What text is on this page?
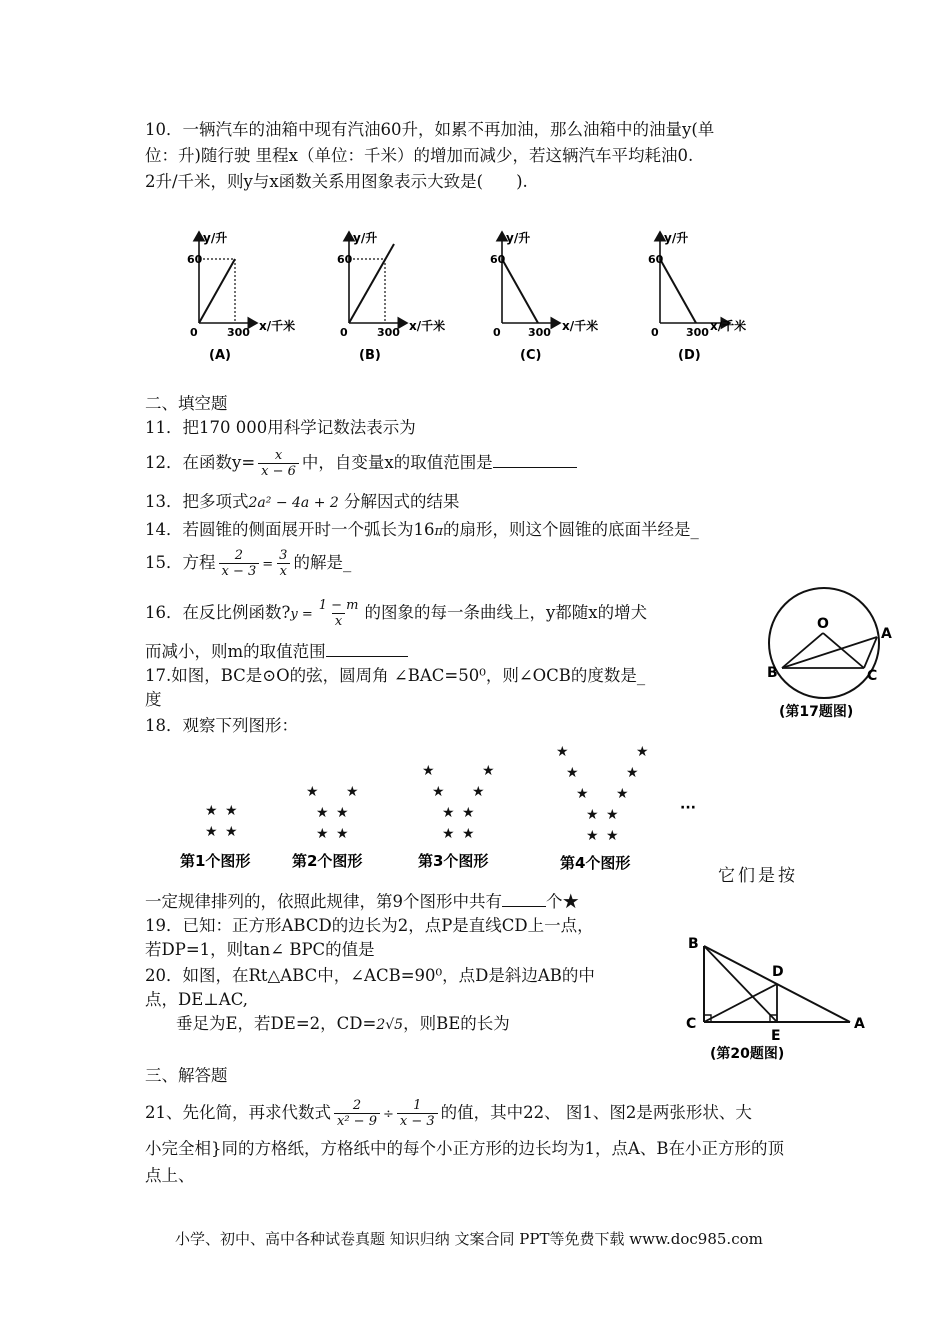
10．一辆汽车的油箱中现有汽油60升，如累不再加油，那么油箱中的油量y(单
位：升)随行驶 里程x（单位：千米）的增加而减少，若这辆汽车平均耗油0.
2升/千米，则y与x函数关系用图象表示大致是(　　).
y/升
60
0	300 x/千米
(A)
y/升
60
0	300 x/千米
(B)
y/升
60
0 300 x/千米
(C)
y/升
60
0 300 x/千米
(D)
二、填空题
11．把170 000用科学记数法表示为
12．在函数$y= \frac{x}{x - 6}$ 中，自变量x的取值范围是
13．把多项式2a² − 4a + 2 分解因式的结果
14．若圆锥的侧面展开时一个弧长为16π的扇形，则这个圆锥的底面半经是_
15．方程 $\frac{2}{x - 3} = \frac{3}{x}$ 的解是_
16．在反比例函数?y = $\frac{1 - m}{x}$ 的图象的每一条曲线上，y都随x的增犬
而减小，则m的取值范围
17.如图，BC是⊙O的弦，圆周角 ∠BAC=50⁰，则∠OCB的度数是_
度
O
A
B	C
(第17题图)
18．观察下列图形：
★ ★
★ ★
★ ★
★ ★
★ ★
★	★
★ ★
★ ★
★ ★
★	★
★	★
★ ★
★ ★
★ ★
···
第1个图形	第2个图形	第3个图形	第4个图形
它们是按
一定规律排列的，依照此规律，第9个图形中共有	个★
19．已知：正方形ABCD的边长为2，点P是直线CD上一点，
若DP=1，则tan∠ BPC的值是
20．如图，在Rt△ABC中，∠ACB=90⁰，点D是斜边AB的中
点，DE⊥AC,
垂足为E，若DE=2，CD=2√5，则BE的长为
B
D
C
E
A
(第20题图)
三、解答题
21、先化简，再求代数式 $\frac{2}{\text{x² − 9}} \div \frac{1}{x - 3}$ 的值，其中22、 图1、图2是两张形状、大
小完全相}同的方格纸，方格纸中的每个小正方形的边长均为1，点A、B在小正方形的顶
点上、
小学、初中、高中各种试卷真题 知识归纳 文案合同 PPT等免费下载 www.doc985.com
